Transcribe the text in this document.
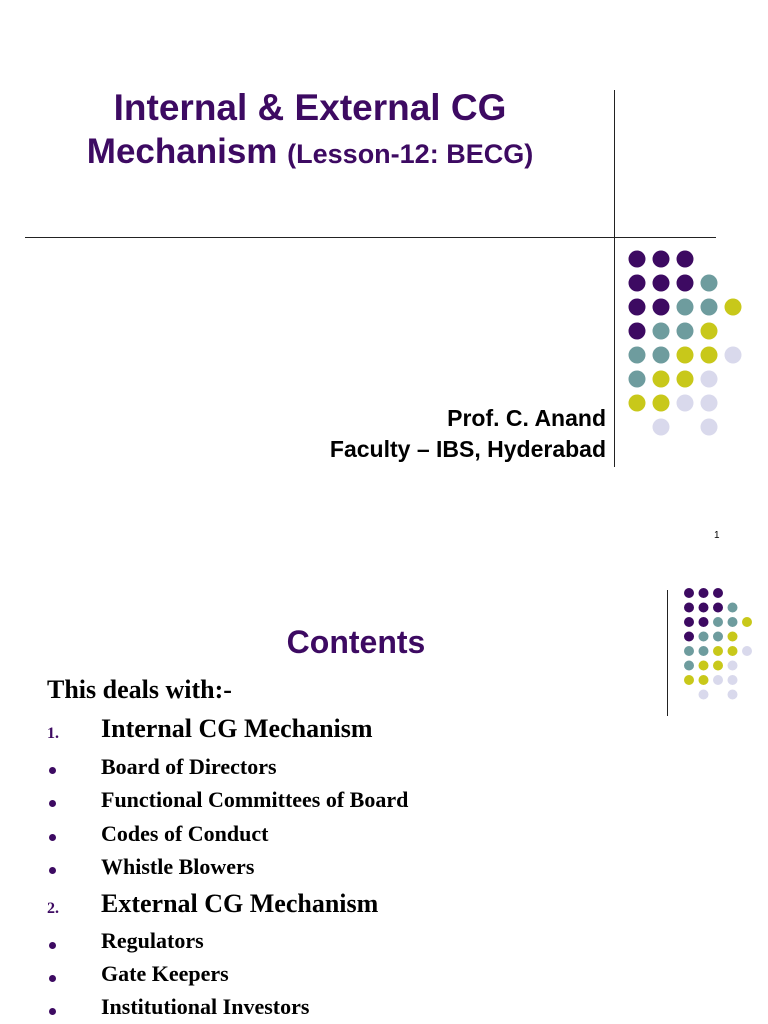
Internal & External CG
Mechanism (Lesson-12: BECG)
Prof. C. Anand
Faculty – IBS, Hyderabad
1
Contents
This deals with:-
1. Internal CG Mechanism
Board of Directors
Functional Committees of Board
Codes of Conduct
Whistle Blowers
2. External CG Mechanism
Regulators
Gate Keepers
Institutional Investors
